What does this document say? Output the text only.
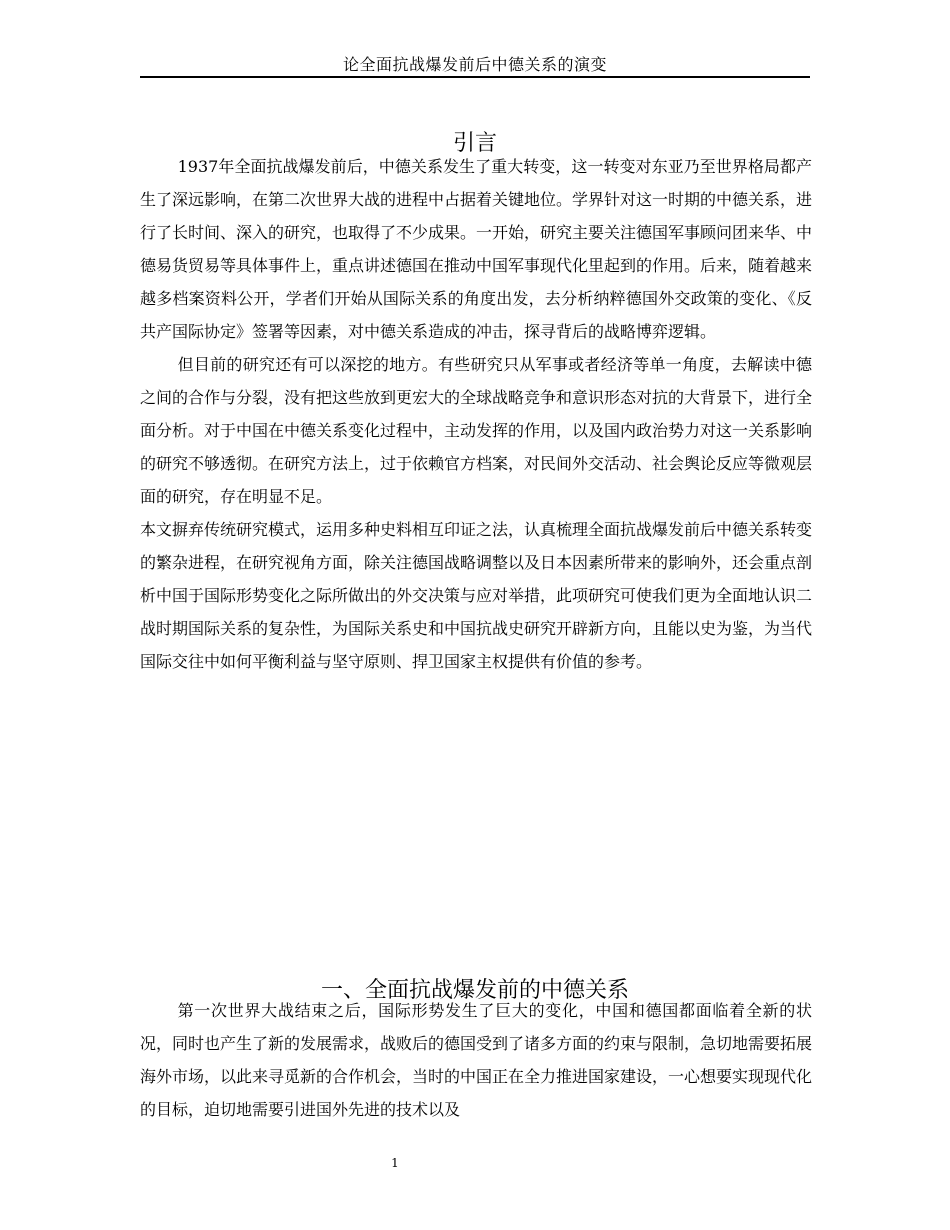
论全面抗战爆发前后中德关系的演变
引言

1937年全面抗战爆发前后，中德关系发生了重大转变，这一转变对东亚乃至世界格局都产生了深远影响，在第二次世界大战的进程中占据着关键地位。学界针对这一时期的中德关系，进行了长时间、深入的研究，也取得了不少成果。一开始，研究主要关注德国军事顾问团来华、中德易货贸易等具体事件上，重点讲述德国在推动中国军事现代化里起到的作用。后来，随着越来越多档案资料公开，学者们开始从国际关系的角度出发，去分析纳粹德国外交政策的变化、《反共产国际协定》签署等因素，对中德关系造成的冲击，探寻背后的战略博弈逻辑。

但目前的研究还有可以深挖的地方。有些研究只从军事或者经济等单一角度，去解读中德之间的合作与分裂，没有把这些放到更宏大的全球战略竞争和意识形态对抗的大背景下，进行全面分析。对于中国在中德关系变化过程中，主动发挥的作用，以及国内政治势力对这一关系影响的研究不够透彻。在研究方法上，过于依赖官方档案，对民间外交活动、社会舆论反应等微观层面的研究，存在明显不足。

本文摒弃传统研究模式，运用多种史料相互印证之法，认真梳理全面抗战爆发前后中德关系转变的繁杂进程，在研究视角方面，除关注德国战略调整以及日本因素所带来的影响外，还会重点剖析中国于国际形势变化之际所做出的外交决策与应对举措，此项研究可使我们更为全面地认识二战时期国际关系的复杂性，为国际关系史和中国抗战史研究开辟新方向，且能以史为鉴，为当代国际交往中如何平衡利益与坚守原则、捍卫国家主权提供有价值的参考。

一、全面抗战爆发前的中德关系

第一次世界大战结束之后，国际形势发生了巨大的变化，中国和德国都面临着全新的状况，同时也产生了新的发展需求，战败后的德国受到了诸多方面的约束与限制，急切地需要拓展海外市场，以此来寻觅新的合作机会，当时的中国正在全力推进国家建设，一心想要实现现代化的目标，迫切地需要引进国外先进的技术以及

1
